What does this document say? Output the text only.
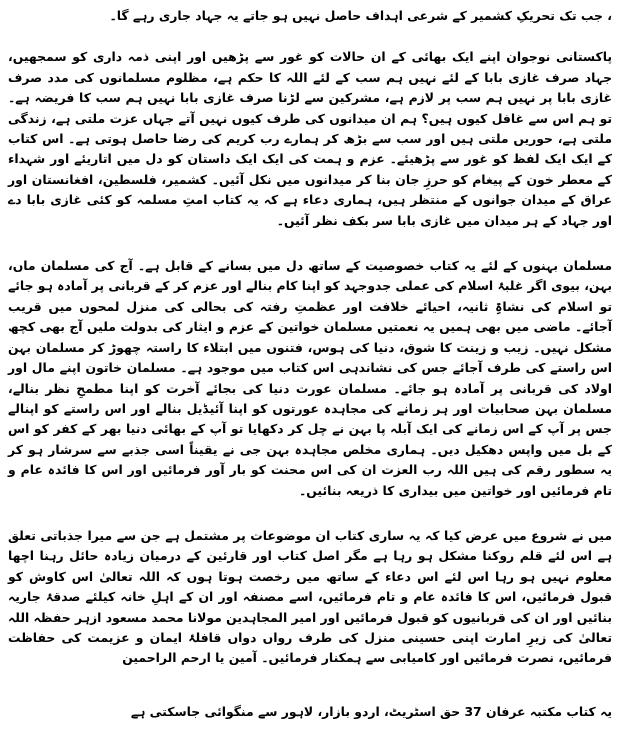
، جب تک تحریکِ کشمیر کے شرعی اہداف حاصل نہیں ہو جاتے یہ جہاد جاری رہے گا۔

پاکستانی نوجوان اپنے ایک بھائی کے ان حالات کو غور سے پڑھیں اور اپنی ذمہ داری کو سمجھیں، جہاد صرف غازی بابا کے لئے نہیں ہم سب کے لئے اللہ کا حکم ہے، مظلوم مسلمانوں کی مدد صرف غازی بابا پر نہیں ہم سب پر لازم ہے، مشرکین سے لڑنا صرف غازی بابا نہیں ہم سب کا فریضہ ہے۔ تو ہم اس سے غافل کیوں ہیں؟ ہم ان میدانوں کی طرف کیوں نہیں آتے جہاں عزت ملتی ہے، زندگی ملتی ہے، حوریں ملتی ہیں اور سب سے بڑھ کر ہمارے رب کریم کی رضا حاصل ہوتی ہے۔ اس کتاب کے ایک ایک لفظ کو غور سے پڑھیئے۔ عزم و ہمت کی ایک ایک داستان کو دل میں اتاریئے اور شہداء کے معطر خون کے پیغام کو حرزِ جان بنا کر میدانوں میں نکل آئیں۔ کشمیر، فلسطین، افغانستان اور عراق کے میدان جوانوں کے منتظر ہیں، ہماری دعاء ہے کہ یہ کتاب امتِ مسلمہ کو کئی غازی بابا دے اور جہاد کے ہر میدان میں غازی بابا سر بکف نظر آئیں۔

مسلمان بہنوں کے لئے یہ کتاب خصوصیت کے ساتھ دل میں بسانے کے قابل ہے۔ آج کی مسلمان ماں، بہن، بیوی اگر غلبۂ اسلام کی عملی جدوجہد کو اپنا کام بنالے اور عزم کر کے قربانی پر آمادہ ہو جائے تو اسلام کی نشاۃِ ثانیہ، احیائے خلافت اور عظمتِ رفتہ کی بحالی کی منزل لمحوں میں قریب آجائے۔ ماضی میں بھی ہمیں یہ نعمتیں مسلمان خواتین کے عزم و ایثار کی بدولت ملیں آج بھی کچھ مشکل نہیں۔ زیب و زینت کا شوق، دنیا کی ہوس، فتنوں میں ابتلاء کا راستہ چھوڑ کر مسلمان بہن اس راستے کی طرف آجائے جس کی نشاندہی اس کتاب میں موجود ہے۔ مسلمان خاتون اپنے مال اور اولاد کی قربانی پر آمادہ ہو جائے۔ مسلمان عورت دنیا کی بجائے آخرت کو اپنا مطمحِ نظر بنالے، مسلمان بہن صحابیات اور ہر زمانے کی مجاہدہ عورتوں کو اپنا آئیڈیل بنالے اور اس راستے کو اپنالے جس پر آپ کے اس زمانے کی ایک آبلہ پا بہن نے چل کر دکھایا تو آپ کے بھائی دنیا بھر کے کفر کو اس کے بل میں واپس دھکیل دیں۔ ہماری مخلص مجاہدہ بہن جی نے یقیناً اسی جذبے سے سرشار ہو کر یہ سطور رقم کی ہیں اللہ رب العزت ان کی اس محنت کو بار آور فرمائیں اور اس کا فائدہ عام و تام فرمائیں اور خواتین میں بیداری کا ذریعہ بنائیں۔

میں نے شروع میں عرض کیا کہ یہ ساری کتاب ان موضوعات پر مشتمل ہے جن سے میرا جذباتی تعلق ہے اس لئے قلم روکنا مشکل ہو رہا ہے مگر اصل کتاب اور قارئین کے درمیان زیادہ حائل رہنا اچھا معلوم نہیں ہو رہا اس لئے اس دعاء کے ساتھ میں رخصت ہوتا ہوں کہ اللہ تعالیٰ اس کاوش کو قبول فرمائیں، اس کا فائدہ عام و تام فرمائیں، اسے مصنفہ اور ان کے اہلِ خانہ کیلئے صدقۂ جاریہ بنائیں اور ان کی قربانیوں کو قبول فرمائیں اور امیر المجاہدین مولانا محمد مسعود ازہر حفظہ اللہ تعالیٰ کی زیرِ امارت اپنی حسینی منزل کی طرف رواں دواں قافلۂ ایمان و عزیمت کی حفاظت فرمائیں، نصرت فرمائیں اور کامیابی سے ہمکنار فرمائیں۔ آمین یا ارحم الراحمین

یہ کتاب مکتبہ عرفان 37 حق اسٹریٹ، اردو بازار، لاہور سے منگوائی جاسکتی ہے
